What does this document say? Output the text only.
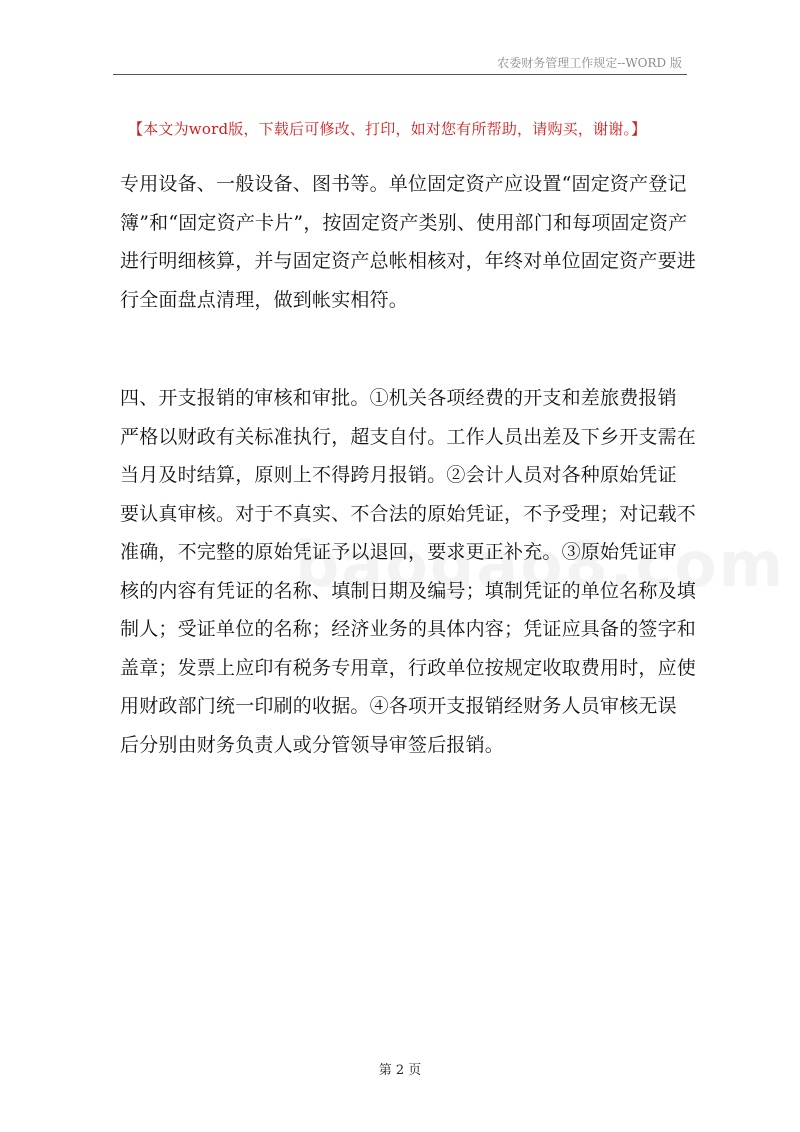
农委财务管理工作规定--WORD 版
【本文为word版，下载后可修改、打印，如对您有所帮助，请购买，谢谢。】
专用设备、一般设备、图书等。单位固定资产应设置“固定资产登记
簿”和“固定资产卡片”，按固定资产类别、使用部门和每项固定资产
进行明细核算，并与固定资产总帐相核对，年终对单位固定资产要进
行全面盘点清理，做到帐实相符。
四、开支报销的审核和审批。①机关各项经费的开支和差旅费报销
严格以财政有关标准执行，超支自付。工作人员出差及下乡开支需在
当月及时结算，原则上不得跨月报销。②会计人员对各种原始凭证
要认真审核。对于不真实、不合法的原始凭证，不予受理；对记载不
准确，不完整的原始凭证予以退回，要求更正补充。③原始凭证审
核的内容有凭证的名称、填制日期及编号；填制凭证的单位名称及填
制人；受证单位的名称；经济业务的具体内容；凭证应具备的签字和
盖章；发票上应印有税务专用章，行政单位按规定收取费用时，应使
用财政部门统一印刷的收据。④各项开支报销经财务人员审核无误
后分别由财务负责人或分管领导审签后报销。
第 2 页
